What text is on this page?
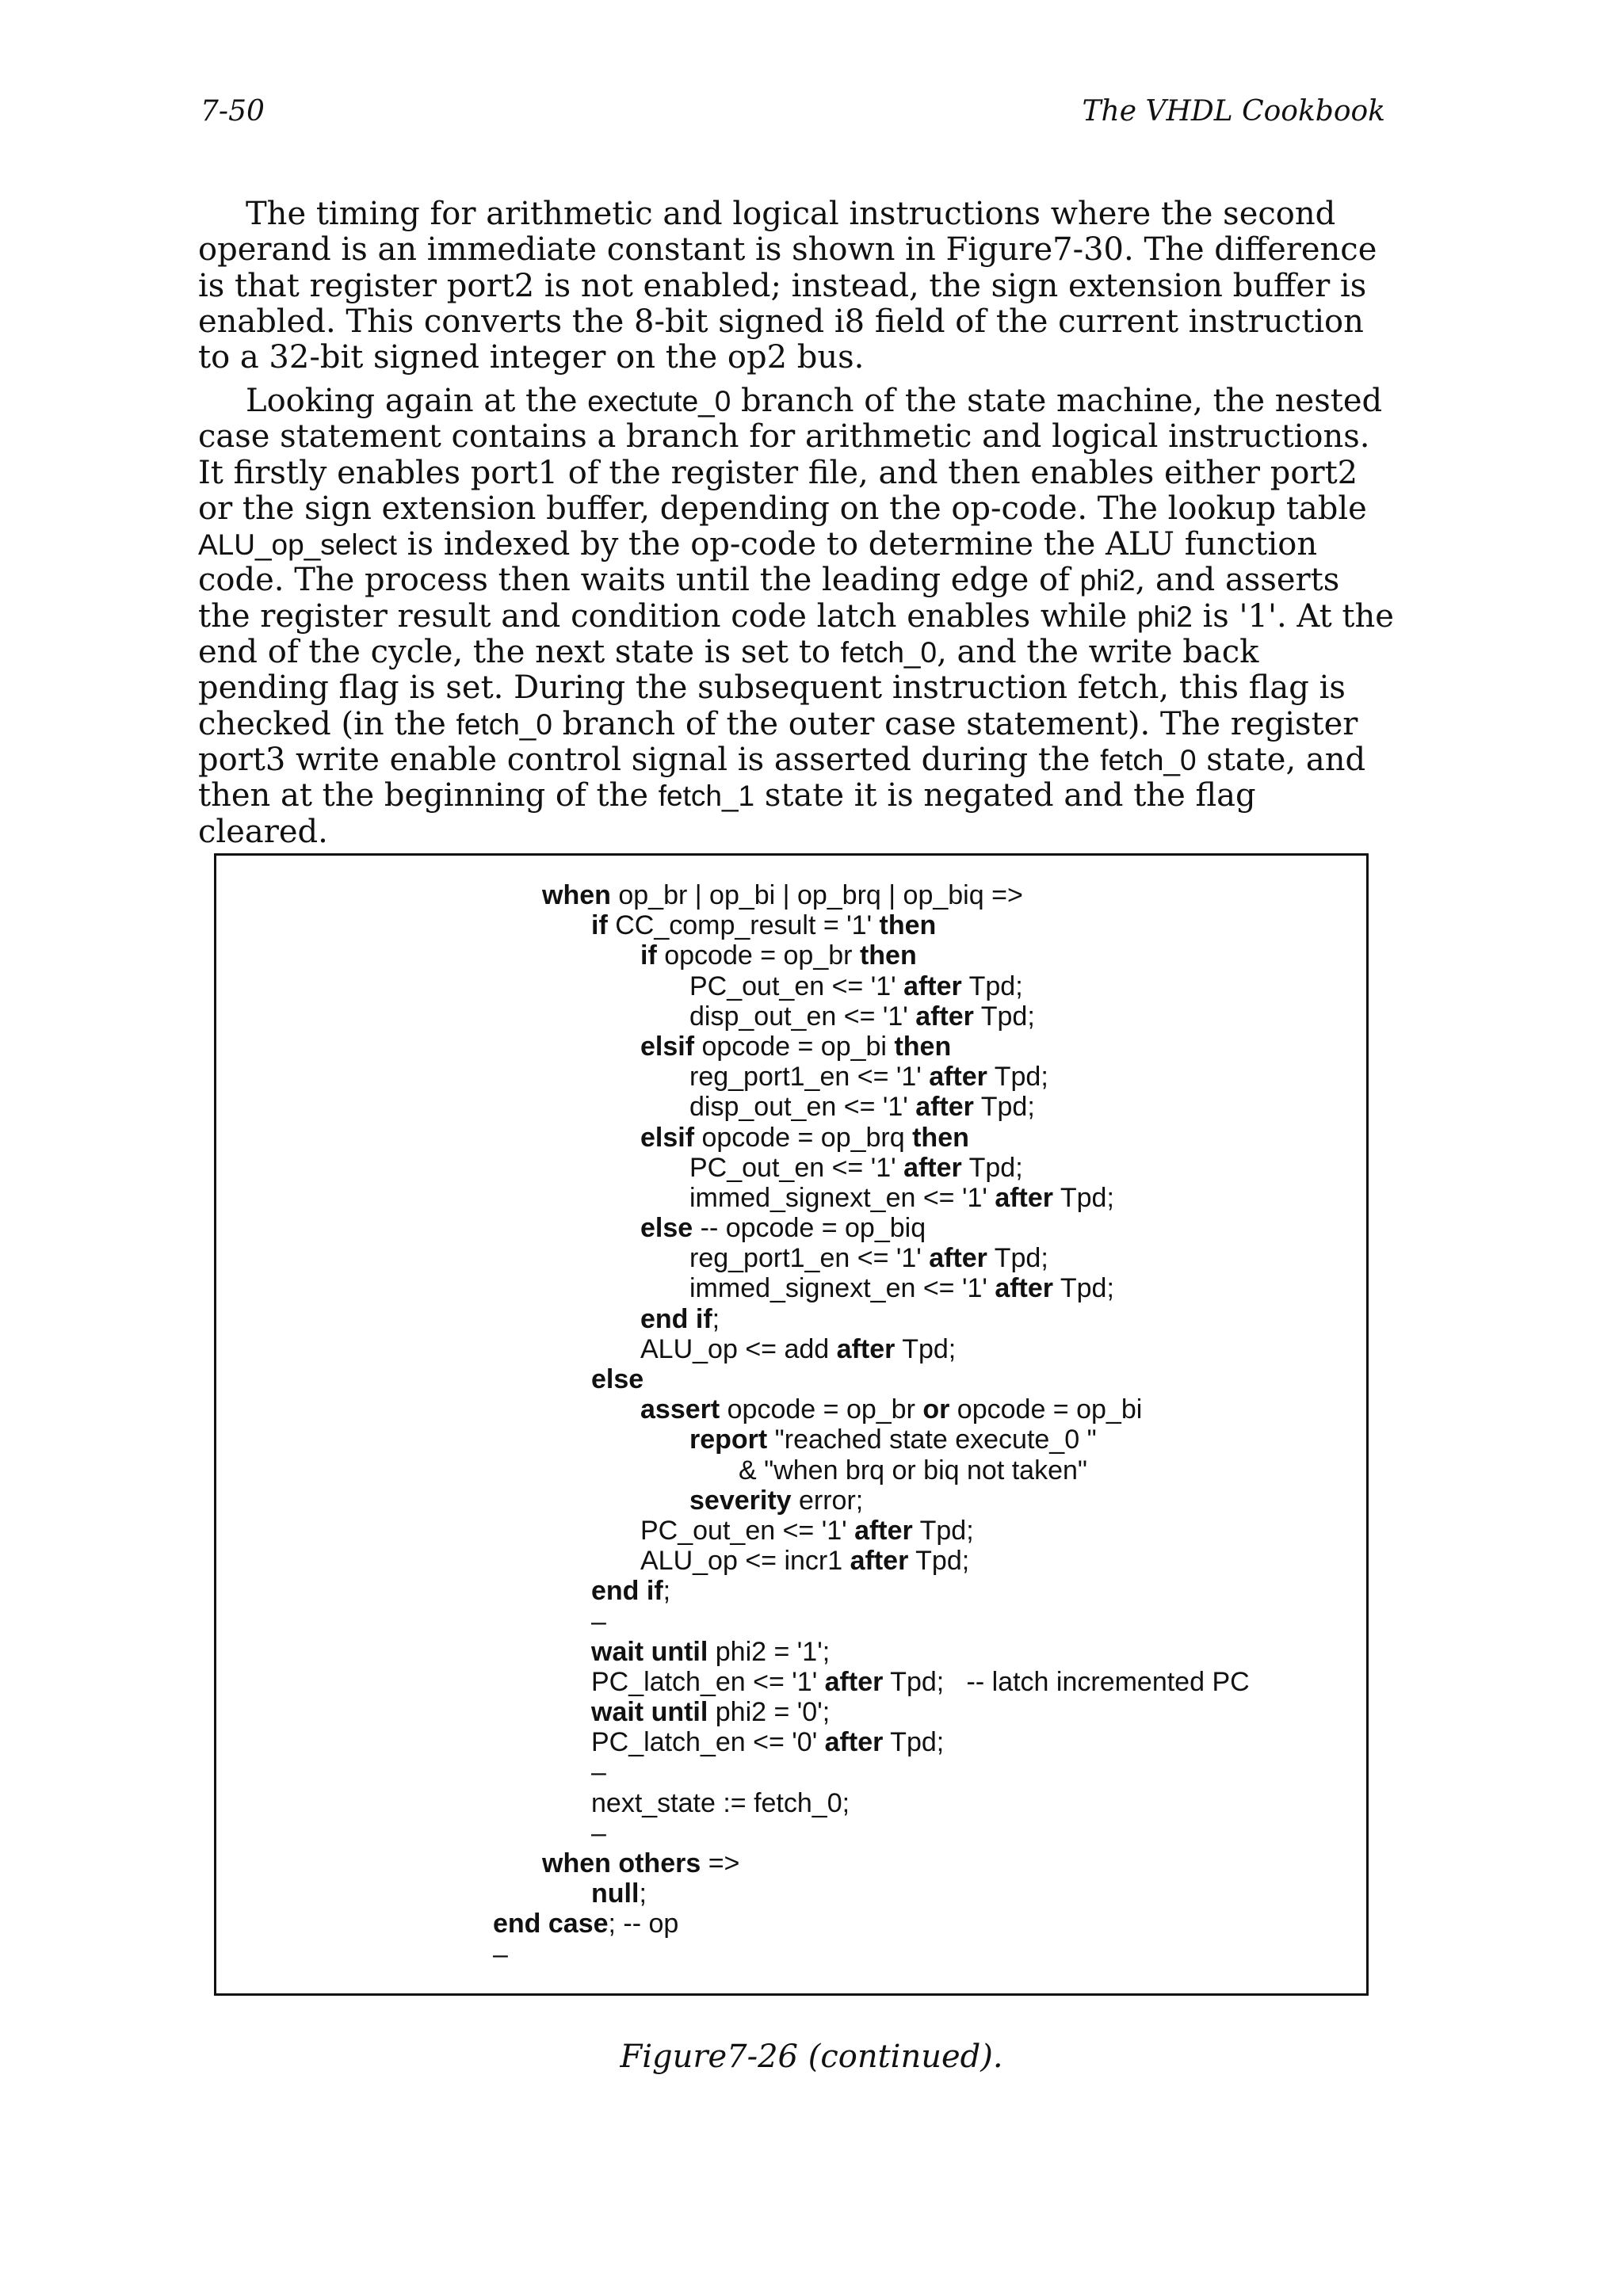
7-50	The VHDL Cookbook

The timing for arithmetic and logical instructions where the second operand is an immediate constant is shown in Figure7-30. The difference is that register port2 is not enabled; instead, the sign extension buffer is enabled. This converts the 8-bit signed i8 field of the current instruction to a 32-bit signed integer on the op2 bus.

Looking again at the exectute_0 branch of the state machine, the nested case statement contains a branch for arithmetic and logical instructions. It firstly enables port1 of the register file, and then enables either port2 or the sign extension buffer, depending on the op-code. The lookup table ALU_op_select is indexed by the op-code to determine the ALU function code. The process then waits until the leading edge of phi2, and asserts the register result and condition code latch enables while phi2 is '1'. At the end of the cycle, the next state is set to fetch_0, and the write back pending flag is set. During the subsequent instruction fetch, this flag is checked (in the fetch_0 branch of the outer case statement). The register port3 write enable control signal is asserted during the fetch_0 state, and then at the beginning of the fetch_1 state it is negated and the flag cleared.

when op_br | op_bi | op_brq | op_biq =>
if CC_comp_result = '1' then
if opcode = op_br then
PC_out_en <= '1' after Tpd;
disp_out_en <= '1' after Tpd;
elsif opcode = op_bi then
reg_port1_en <= '1' after Tpd;
disp_out_en <= '1' after Tpd;
elsif opcode = op_brq then
PC_out_en <= '1' after Tpd;
immed_signext_en <= '1' after Tpd;
else -- opcode = op_biq
reg_port1_en <= '1' after Tpd;
immed_signext_en <= '1' after Tpd;
end if;
ALU_op <= add after Tpd;
else
assert opcode = op_br or opcode = op_bi
report "reached state execute_0 "
& "when brq or biq not taken"
severity error;
PC_out_en <= '1' after Tpd;
ALU_op <= incr1 after Tpd;
end if;
–
wait until phi2 = '1';
PC_latch_en <= '1' after Tpd;   -- latch incremented PC
wait until phi2 = '0';
PC_latch_en <= '0' after Tpd;
–
next_state := fetch_0;
–
when others =>
null;
end case; -- op
–
Figure7-26 (continued).
